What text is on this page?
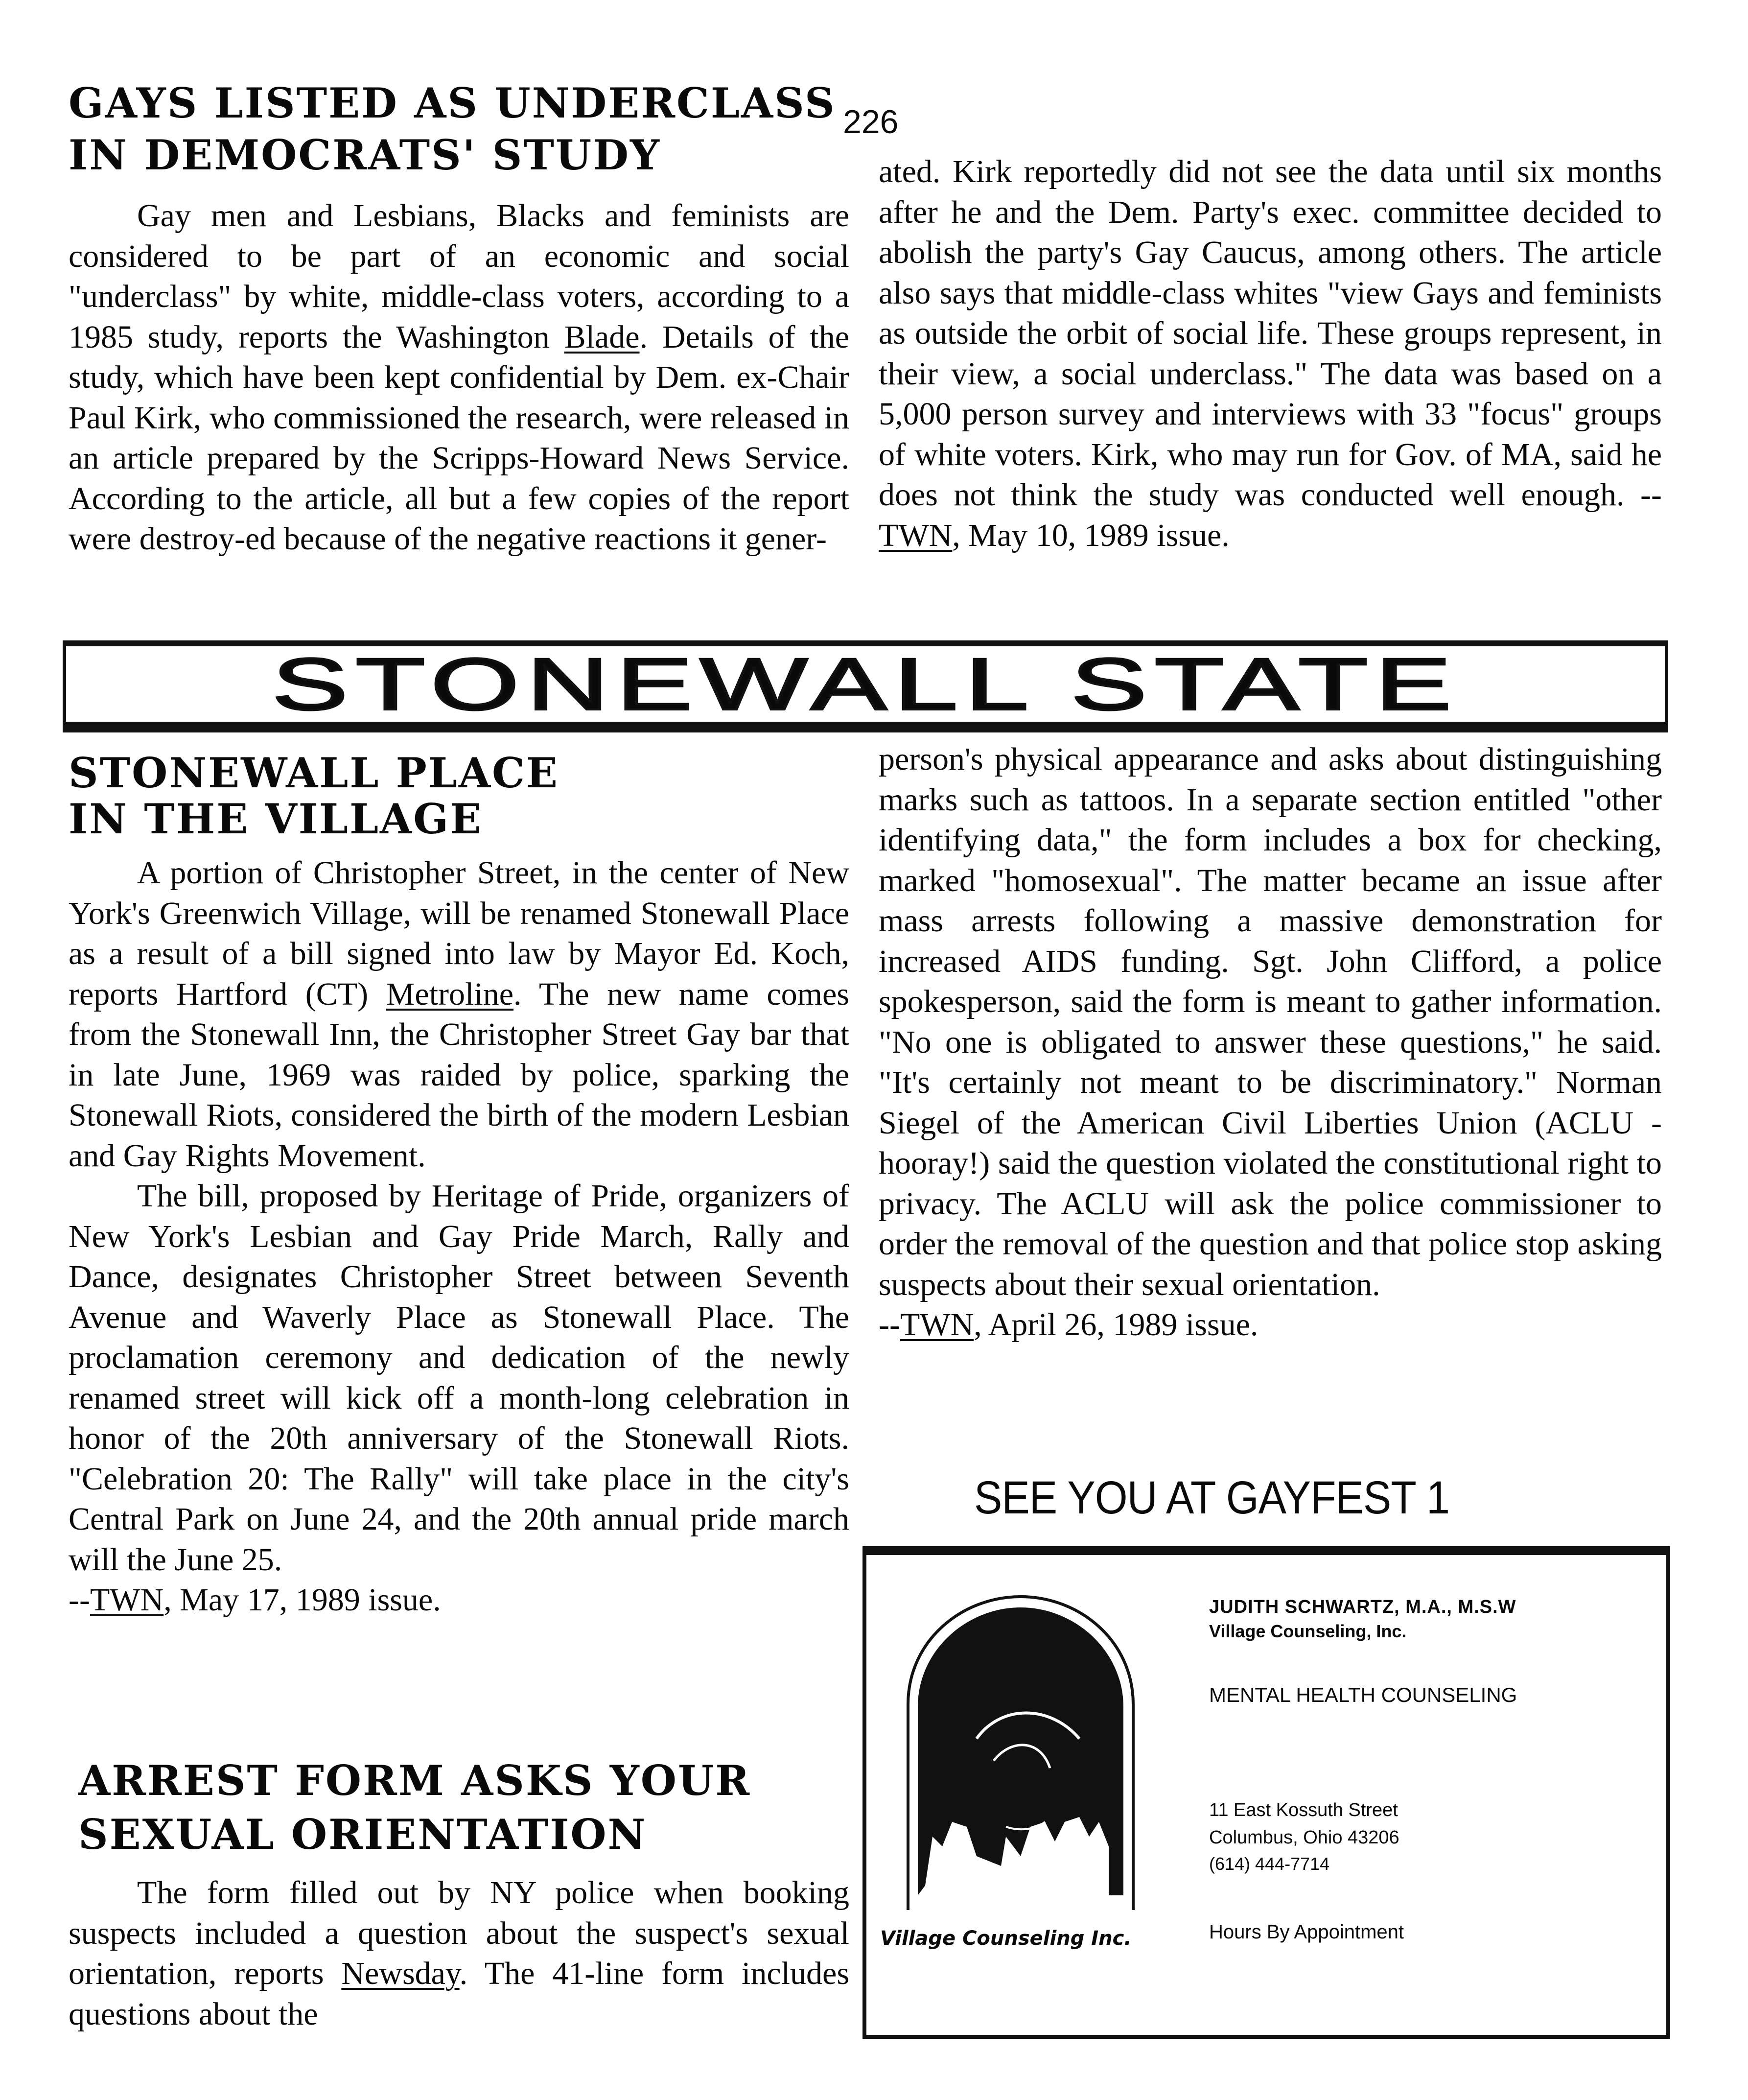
226
GAYS LISTED AS UNDERCLASS
IN DEMOCRATS' STUDY

Gay men and Lesbians, Blacks and feminists are considered to be part of an economic and social "underclass" by white, middle-class voters, according to a 1985 study, reports the Washington Blade. Details of the study, which have been kept confidential by Dem. ex-Chair Paul Kirk, who commissioned the research, were released in an article prepared by the Scripps-Howard News Service. According to the article, all but a few copies of the report were destroy-ed because of the negative reactions it gener-

ated. Kirk reportedly did not see the data until six months after he and the Dem. Party's exec. committee decided to abolish the party's Gay Caucus, among others. The article also says that middle-class whites "view Gays and feminists as outside the orbit of social life. These groups represent, in their view, a social underclass." The data was based on a 5,000 person survey and interviews with 33 "focus" groups of white voters. Kirk, who may run for Gov. of MA, said he does not think the study was conducted well enough. --TWN, May 10, 1989 issue.

STONEWALL STATE
STONEWALL PLACE
IN THE VILLAGE

A portion of Christopher Street, in the center of New York's Greenwich Village, will be renamed Stonewall Place as a result of a bill signed into law by Mayor Ed. Koch, reports Hartford (CT) Metroline. The new name comes from the Stonewall Inn, the Christopher Street Gay bar that in late June, 1969 was raided by police, sparking the Stonewall Riots, considered the birth of the modern Lesbian and Gay Rights Movement.

The bill, proposed by Heritage of Pride, organizers of New York's Lesbian and Gay Pride March, Rally and Dance, designates Christopher Street between Seventh Avenue and Waverly Place as Stonewall Place. The proclamation ceremony and dedication of the newly renamed street will kick off a month-long celebration in honor of the 20th anniversary of the Stonewall Riots. "Celebration 20: The Rally" will take place in the city's Central Park on June 24, and the 20th annual pride march will the June 25.

--TWN, May 17, 1989 issue.

ARREST FORM ASKS YOUR
SEXUAL ORIENTATION

The form filled out by NY police when booking suspects included a question about the suspect's sexual orientation, reports Newsday. The 41-line form includes questions about the

person's physical appearance and asks about distinguishing marks such as tattoos. In a separate section entitled "other identifying data," the form includes a box for checking, marked "homosexual". The matter became an issue after mass arrests following a massive demonstration for increased AIDS funding. Sgt. John Clifford, a police spokesperson, said the form is meant to gather information. "No one is obligated to answer these questions," he said. "It's certainly not meant to be discriminatory." Norman Siegel of the American Civil Liberties Union (ACLU - hooray!) said the question violated the constitutional right to privacy. The ACLU will ask the police commissioner to order the removal of the question and that police stop asking suspects about their sexual orientation.

--TWN, April 26, 1989 issue.

SEE YOU AT GAYFEST 1
Village Counseling Inc.
JUDITH SCHWARTZ, M.A., M.S.W
Village Counseling, Inc.
MENTAL HEALTH COUNSELING
11 East Kossuth Street
Columbus, Ohio 43206
(614) 444-7714
Hours By Appointment
